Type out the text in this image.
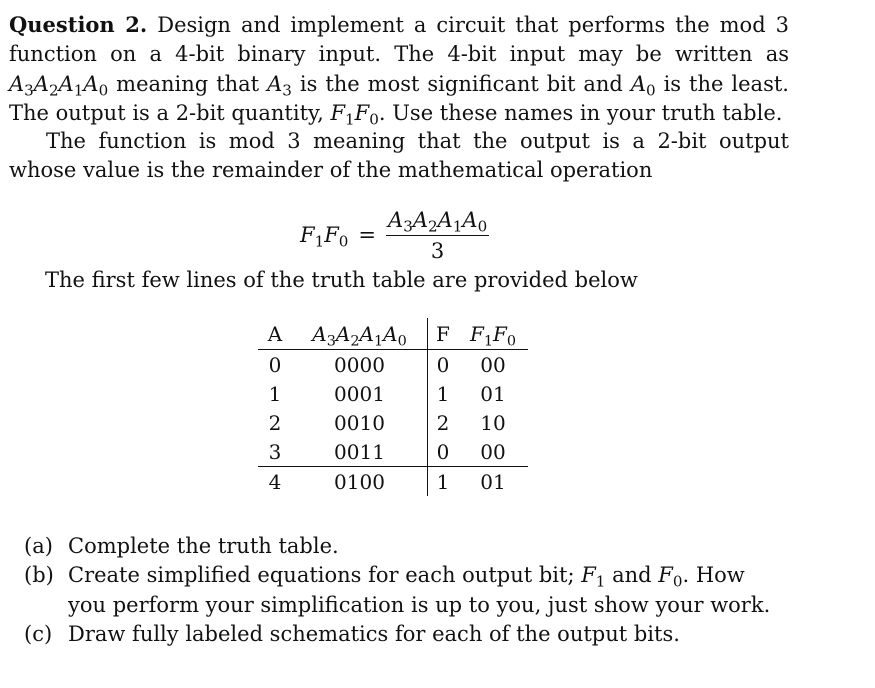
Question 2. Design and implement a circuit that performs the mod 3 function on a 4-bit binary input. The 4-bit input may be written as $A_3A_2A_1A_0$ meaning that $A_3$ is the most significant bit and $A_0$ is the least. The output is a 2-bit quantity, $F_1F_0$. Use these names in your truth table.
The function is mod 3 meaning that the output is a 2-bit output whose value is the remainder of the mathematical operation
$F_1F_0 = \frac{A_3A_2A_1A_0}{3}$
The first few lines of the truth table are provided below
A	$A_3A_2A_1A_0$	F	$F_1F_0$
0	0000	0	00
1	0001	1	01
2	0010	2	10
3	0011	0	00
4	0100	1	01
(a) Complete the truth table.
(b) Create simplified equations for each output bit; $F_1$ and $F_0$. How you perform your simplification is up to you, just show your work.
(c) Draw fully labeled schematics for each of the output bits.
